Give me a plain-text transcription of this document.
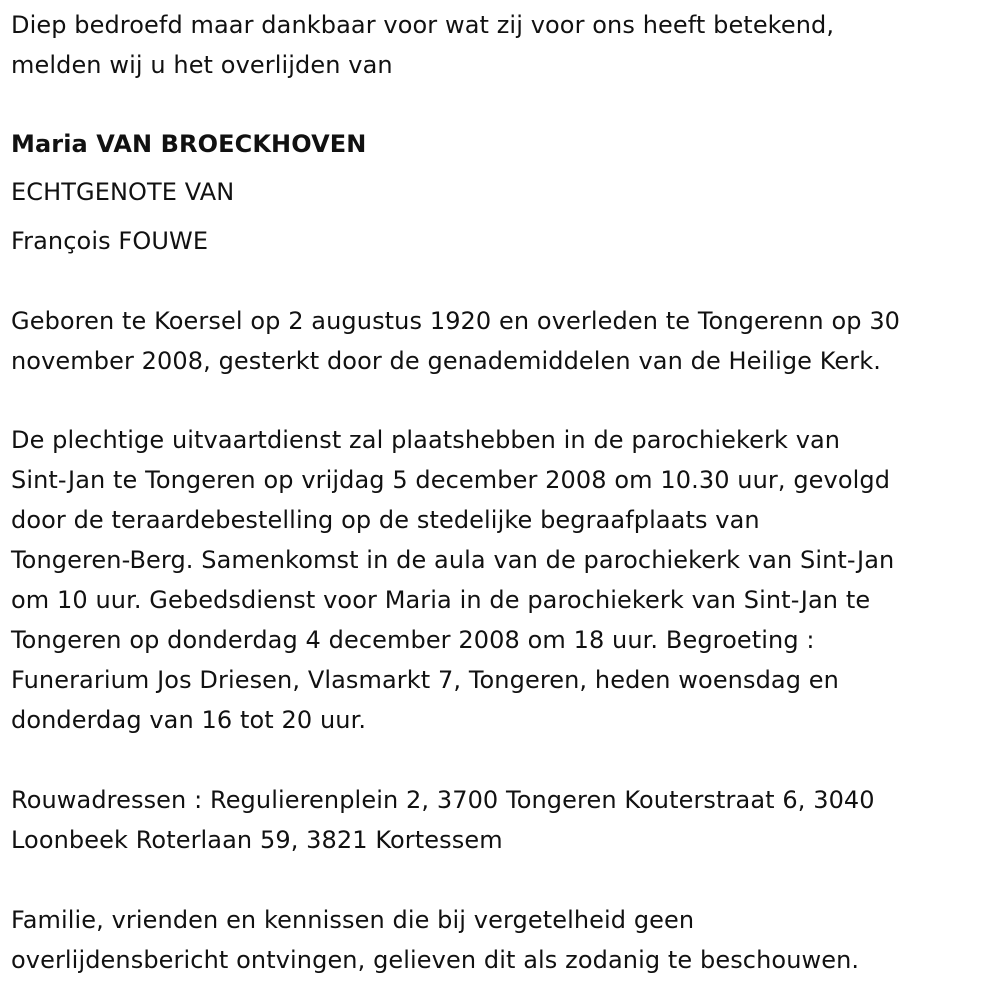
Diep bedroefd maar dankbaar voor wat zij voor ons heeft betekend,
melden wij u het overlijden van
Maria VAN BROECKHOVEN
ECHTGENOTE VAN
François FOUWE
Geboren te Koersel op 2 augustus 1920 en overleden te Tongerenn op 30
november 2008, gesterkt door de genademiddelen van de Heilige Kerk.
De plechtige uitvaartdienst zal plaatshebben in de parochiekerk van
Sint-Jan te Tongeren op vrijdag 5 december 2008 om 10.30 uur, gevolgd
door de teraardebestelling op de stedelijke begraafplaats van
Tongeren-Berg. Samenkomst in de aula van de parochiekerk van Sint-Jan
om 10 uur. Gebedsdienst voor Maria in de parochiekerk van Sint-Jan te
Tongeren op donderdag 4 december 2008 om 18 uur. Begroeting :
Funerarium Jos Driesen, Vlasmarkt 7, Tongeren, heden woensdag en
donderdag van 16 tot 20 uur.
Rouwadressen : Regulierenplein 2, 3700 Tongeren Kouterstraat 6, 3040
Loonbeek Roterlaan 59, 3821 Kortessem
Familie, vrienden en kennissen die bij vergetelheid geen
overlijdensbericht ontvingen, gelieven dit als zodanig te beschouwen.
